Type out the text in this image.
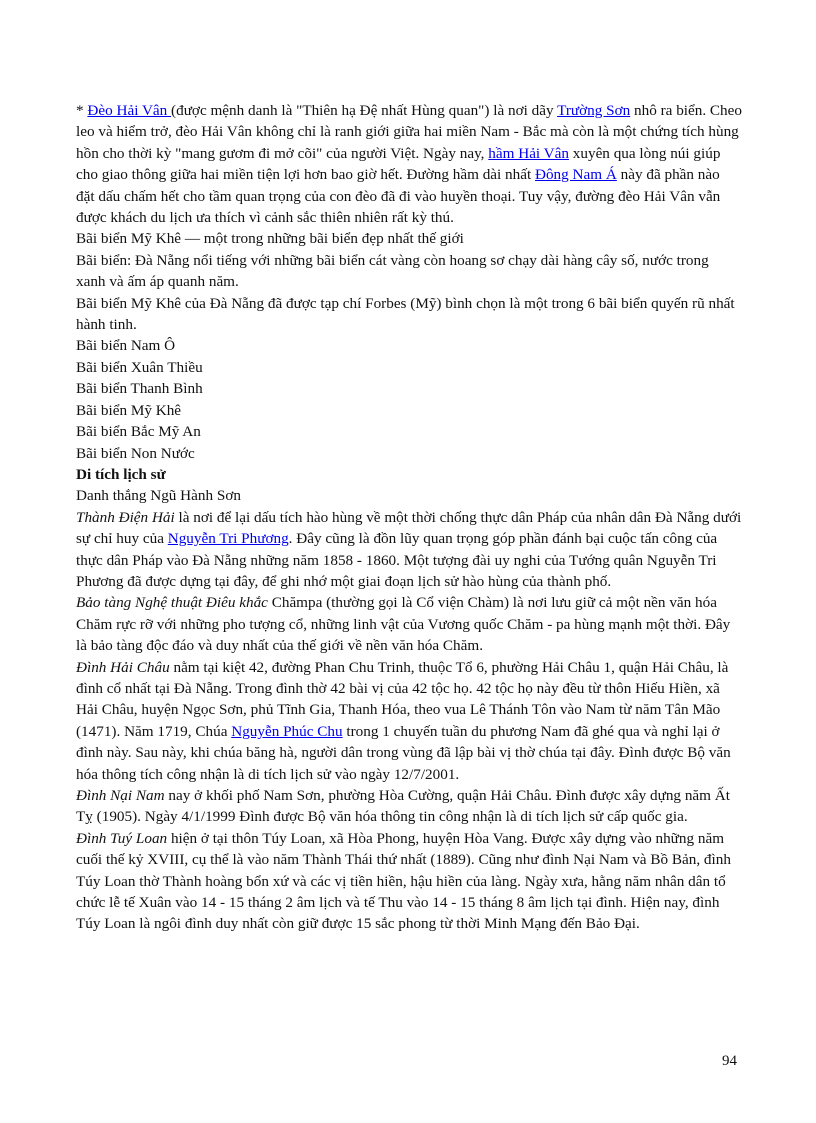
* Đèo Hải Vân (được mệnh danh là "Thiên hạ Đệ nhất Hùng quan") là nơi dãy Trường Sơn nhô ra biển. Cheo leo và hiểm trở, đèo Hải Vân không chỉ là ranh giới giữa hai miền Nam - Bắc mà còn là một chứng tích hùng hồn cho thời kỳ "mang gươm đi mở cõi" của người Việt. Ngày nay, hầm Hải Vân xuyên qua lòng núi giúp cho giao thông giữa hai miền tiện lợi hơn bao giờ hết. Đường hầm dài nhất Đông Nam Á này đã phần nào đặt dấu chấm hết cho tầm quan trọng của con đèo đã đi vào huyền thoại. Tuy vậy, đường đèo Hải Vân vẫn được khách du lịch ưa thích vì cảnh sắc thiên nhiên rất kỳ thú.

Bãi biển Mỹ Khê — một trong những bãi biển đẹp nhất thế giới

Bãi biển: Đà Nẵng nổi tiếng với những bãi biển cát vàng còn hoang sơ chạy dài hàng cây số, nước trong xanh và ấm áp quanh năm.

Bãi biển Mỹ Khê của Đà Nẵng đã được tạp chí Forbes (Mỹ) bình chọn là một trong 6 bãi biển quyến rũ nhất hành tinh.

Bãi biển Nam Ô

Bãi biển Xuân Thiều

Bãi biển Thanh Bình

Bãi biển Mỹ Khê

Bãi biển Bắc Mỹ An

Bãi biển Non Nước

Di tích lịch sử

Danh thắng Ngũ Hành Sơn

Thành Điện Hải là nơi để lại dấu tích hào hùng về một thời chống thực dân Pháp của nhân dân Đà Nẵng dưới sự chỉ huy của Nguyễn Tri Phương. Đây cũng là đồn lũy quan trọng góp phần đánh bại cuộc tấn công của thực dân Pháp vào Đà Nẵng những năm 1858 - 1860. Một tượng đài uy nghi của Tướng quân Nguyễn Tri Phương đã được dựng tại đây, để ghi nhớ một giai đoạn lịch sử hào hùng của thành phố.

Bảo tàng Nghệ thuật Điêu khắc Chămpa (thường gọi là Cổ viện Chàm) là nơi lưu giữ cả một nền văn hóa Chăm rực rỡ với những pho tượng cổ, những linh vật của Vương quốc Chăm - pa hùng mạnh một thời. Đây là bảo tàng độc đáo và duy nhất của thế giới về nền văn hóa Chăm.

Đình Hải Châu nằm tại kiệt 42, đường Phan Chu Trinh, thuộc Tổ 6, phường Hải Châu 1, quận Hải Châu, là đình cổ nhất tại Đà Nẵng. Trong đình thờ 42 bài vị của 42 tộc họ. 42 tộc họ này đều từ thôn Hiếu Hiền, xã Hải Châu, huyện Ngọc Sơn, phủ Tĩnh Gia, Thanh Hóa, theo vua Lê Thánh Tôn vào Nam từ năm Tân Mão (1471). Năm 1719, Chúa Nguyễn Phúc Chu trong 1 chuyến tuần du phương Nam đã ghé qua và nghỉ lại ở đình này. Sau này, khi chúa băng hà, người dân trong vùng đã lập bài vị thờ chúa tại đây. Đình được Bộ văn hóa thông tích công nhận là di tích lịch sử vào ngày 12/7/2001.

Đình Nại Nam nay ở khối phố Nam Sơn, phường Hòa Cường, quận Hải Châu. Đình được xây dựng năm Ất Tỵ (1905). Ngày 4/1/1999 Đình được Bộ văn hóa thông tin công nhận là di tích lịch sử cấp quốc gia.

Đình Tuý Loan hiện ở tại thôn Túy Loan, xã Hòa Phong, huyện Hòa Vang. Được xây dựng vào những năm cuối thế kỷ XVIII, cụ thể là vào năm Thành Thái thứ nhất (1889). Cũng như đình Nại Nam và Bồ Bản, đình Túy Loan thờ Thành hoàng bổn xứ và các vị tiền hiền, hậu hiền của làng. Ngày xưa, hằng năm nhân dân tổ chức lễ tế Xuân vào 14 - 15 tháng 2 âm lịch và tế Thu vào 14 - 15 tháng 8 âm lịch tại đình. Hiện nay, đình Túy Loan là ngôi đình duy nhất còn giữ được 15 sắc phong từ thời Minh Mạng đến Bảo Đại.

94
